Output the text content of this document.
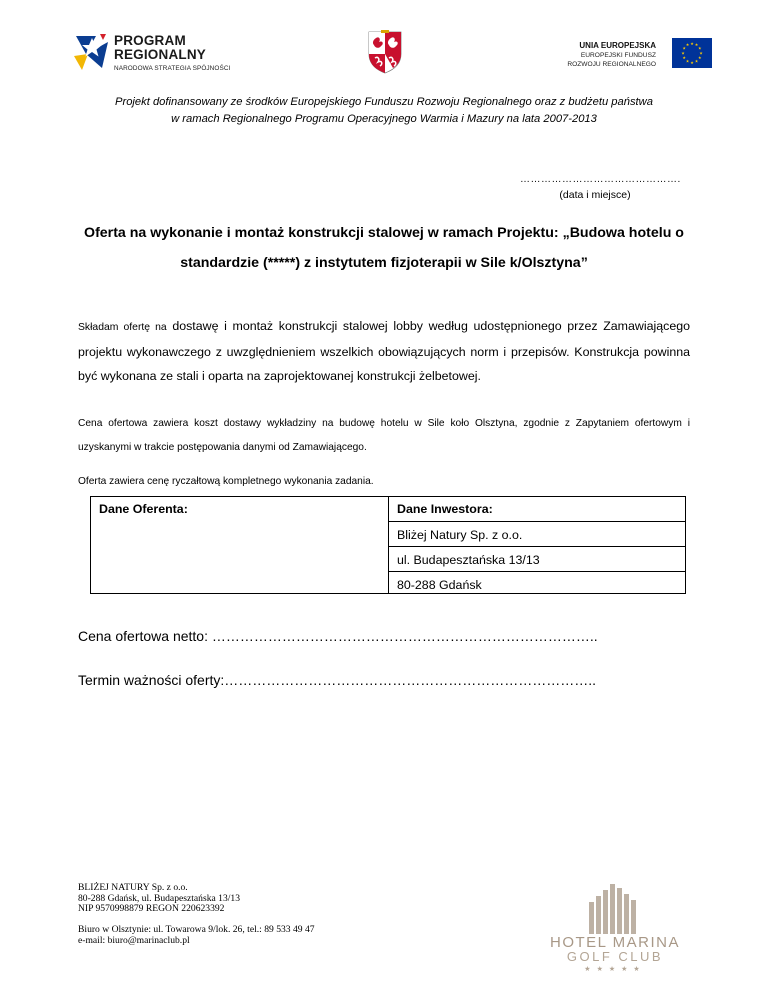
PROGRAM
REGIONALNY
NARODOWA STRATEGIA SPÓJNOŚCI
UNIA EUROPEJSKA
EUROPEJSKI FUNDUSZ
ROZWOJU REGIONALNEGO
★ ★
★
★
★
★
★
★
★
★
★
★
Projekt dofinansowany ze środków Europejskiego Funduszu Rozwoju Regionalnego oraz z budżetu państwa
w ramach Regionalnego Programu Operacyjnego Warmia i Mazury na lata 2007-2013
……………………………………….
(data i miejsce)
Oferta na wykonanie i montaż konstrukcji stalowej w ramach Projektu: „Budowa hotelu o
standardzie (*****) z instytutem fizjoterapii w Sile k/Olsztyna”
Składam ofertę na dostawę i montaż konstrukcji stalowej lobby według udostępnionego przez Zamawiającego projektu wykonawczego z uwzględnieniem wszelkich obowiązujących norm i przepisów. Konstrukcja powinna być wykonana ze stali i oparta na zaprojektowanej konstrukcji żelbetowej.
Cena ofertowa zawiera koszt dostawy wykładziny na budowę hotelu w Sile koło Olsztyna, zgodnie z Zapytaniem ofertowym i uzyskanymi w trakcie postępowania danymi od Zamawiającego.
Oferta zawiera cenę ryczałtową kompletnego wykonania zadania.
Dane Oferenta:	Dane Inwestora:
Bliżej Natury Sp. z o.o.
ul. Budapesztańska 13/13
80-288 Gdańsk
Cena ofertowa netto: ………………………………………………………………………..
Termin ważności oferty:……………………………………………………………………..
BLIŻEJ NATURY Sp. z o.o.
80-288 Gdańsk, ul. Budapesztańska 13/13
NIP 9570998879 REGON 220623392
Biuro w Olsztynie: ul. Towarowa 9/lok. 26, tel.: 89 533 49 47
e-mail: biuro@marinaclub.pl	HOTEL MARINA
GOLF CLUB
★★★★★
